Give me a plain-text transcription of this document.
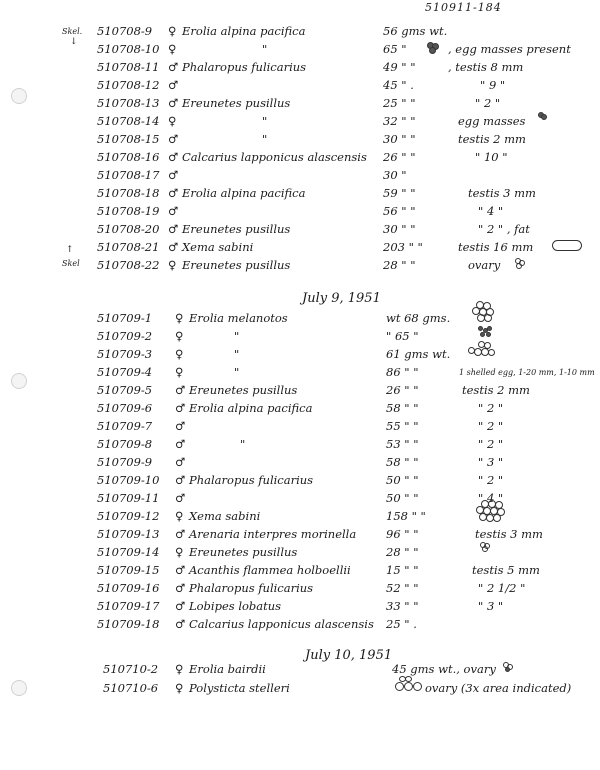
510911-184
Skel.
↓
↑
Skel
510708-9 ♀ Erolia alpina pacifica	56 gms wt.
510708-10 ♀	"	65 "	, egg masses present
510708-11 ♂ Phalaropus fulicarius	49 " "	, testis 8 mm
510708-12 ♂	45 " .	" 9 "
510708-13 ♂ Ereunetes pusillus	25 " "	" 2 "
510708-14 ♀	"	32 " "	egg masses
510708-15 ♂	"	30 " "	testis 2 mm
510708-16 ♂ Calcarius lapponicus alascensis 26 " "	" 10 "
510708-17 ♂	30 "
510708-18 ♂ Erolia alpina pacifica	59 " "	testis 3 mm
510708-19 ♂	56 " "	" 4 "
510708-20 ♂ Ereunetes pusillus	30 " "	" 2 " , fat
510708-21 ♂ Xema sabini	203 " "	testis 16 mm
510708-22 ♀ Ereunetes pusillus	28 " "	ovary
July 9, 1951
510709-1 ♀ Erolia melanotos	wt 68 gms.
510709-2 ♀	"	" 65 "
510709-3 ♀	"	61 gms wt.
510709-4 ♀	"	86 " "	1 shelled egg, 1-20 mm, 1-10 mm
510709-5 ♂ Ereunetes pusillus	26 " "	testis 2 mm
510709-6 ♂ Erolia alpina pacifica	58 " "	" 2 "
510709-7 ♂	55 " "	" 2 "
510709-8 ♂	"	53 " "	" 2 "
510709-9 ♂	58 " "	" 3 "
510709-10 ♂ Phalaropus fulicarius	50 " "	" 2 "
510709-11 ♂	50 " "	" 4 "
510709-12 ♀ Xema sabini	158 " "
510709-13 ♂ Arenaria interpres morinella	96 " "	testis 3 mm
510709-14 ♀ Ereunetes pusillus	28 " "
510709-15 ♂ Acanthis flammea holboellii	15 " "	testis 5 mm
510709-16 ♂ Phalaropus fulicarius	52 " "	" 2 1/2 "
510709-17 ♂ Lobipes lobatus	33 " "	" 3 "
510709-18 ♂ Calcarius lapponicus alascensis 25 " .
July 10, 1951
510710-2 ♀ Erolia bairdii	45 gms wt., ovary
510710-6 ♀ Polysticta stelleri	ovary (3x area indicated)
